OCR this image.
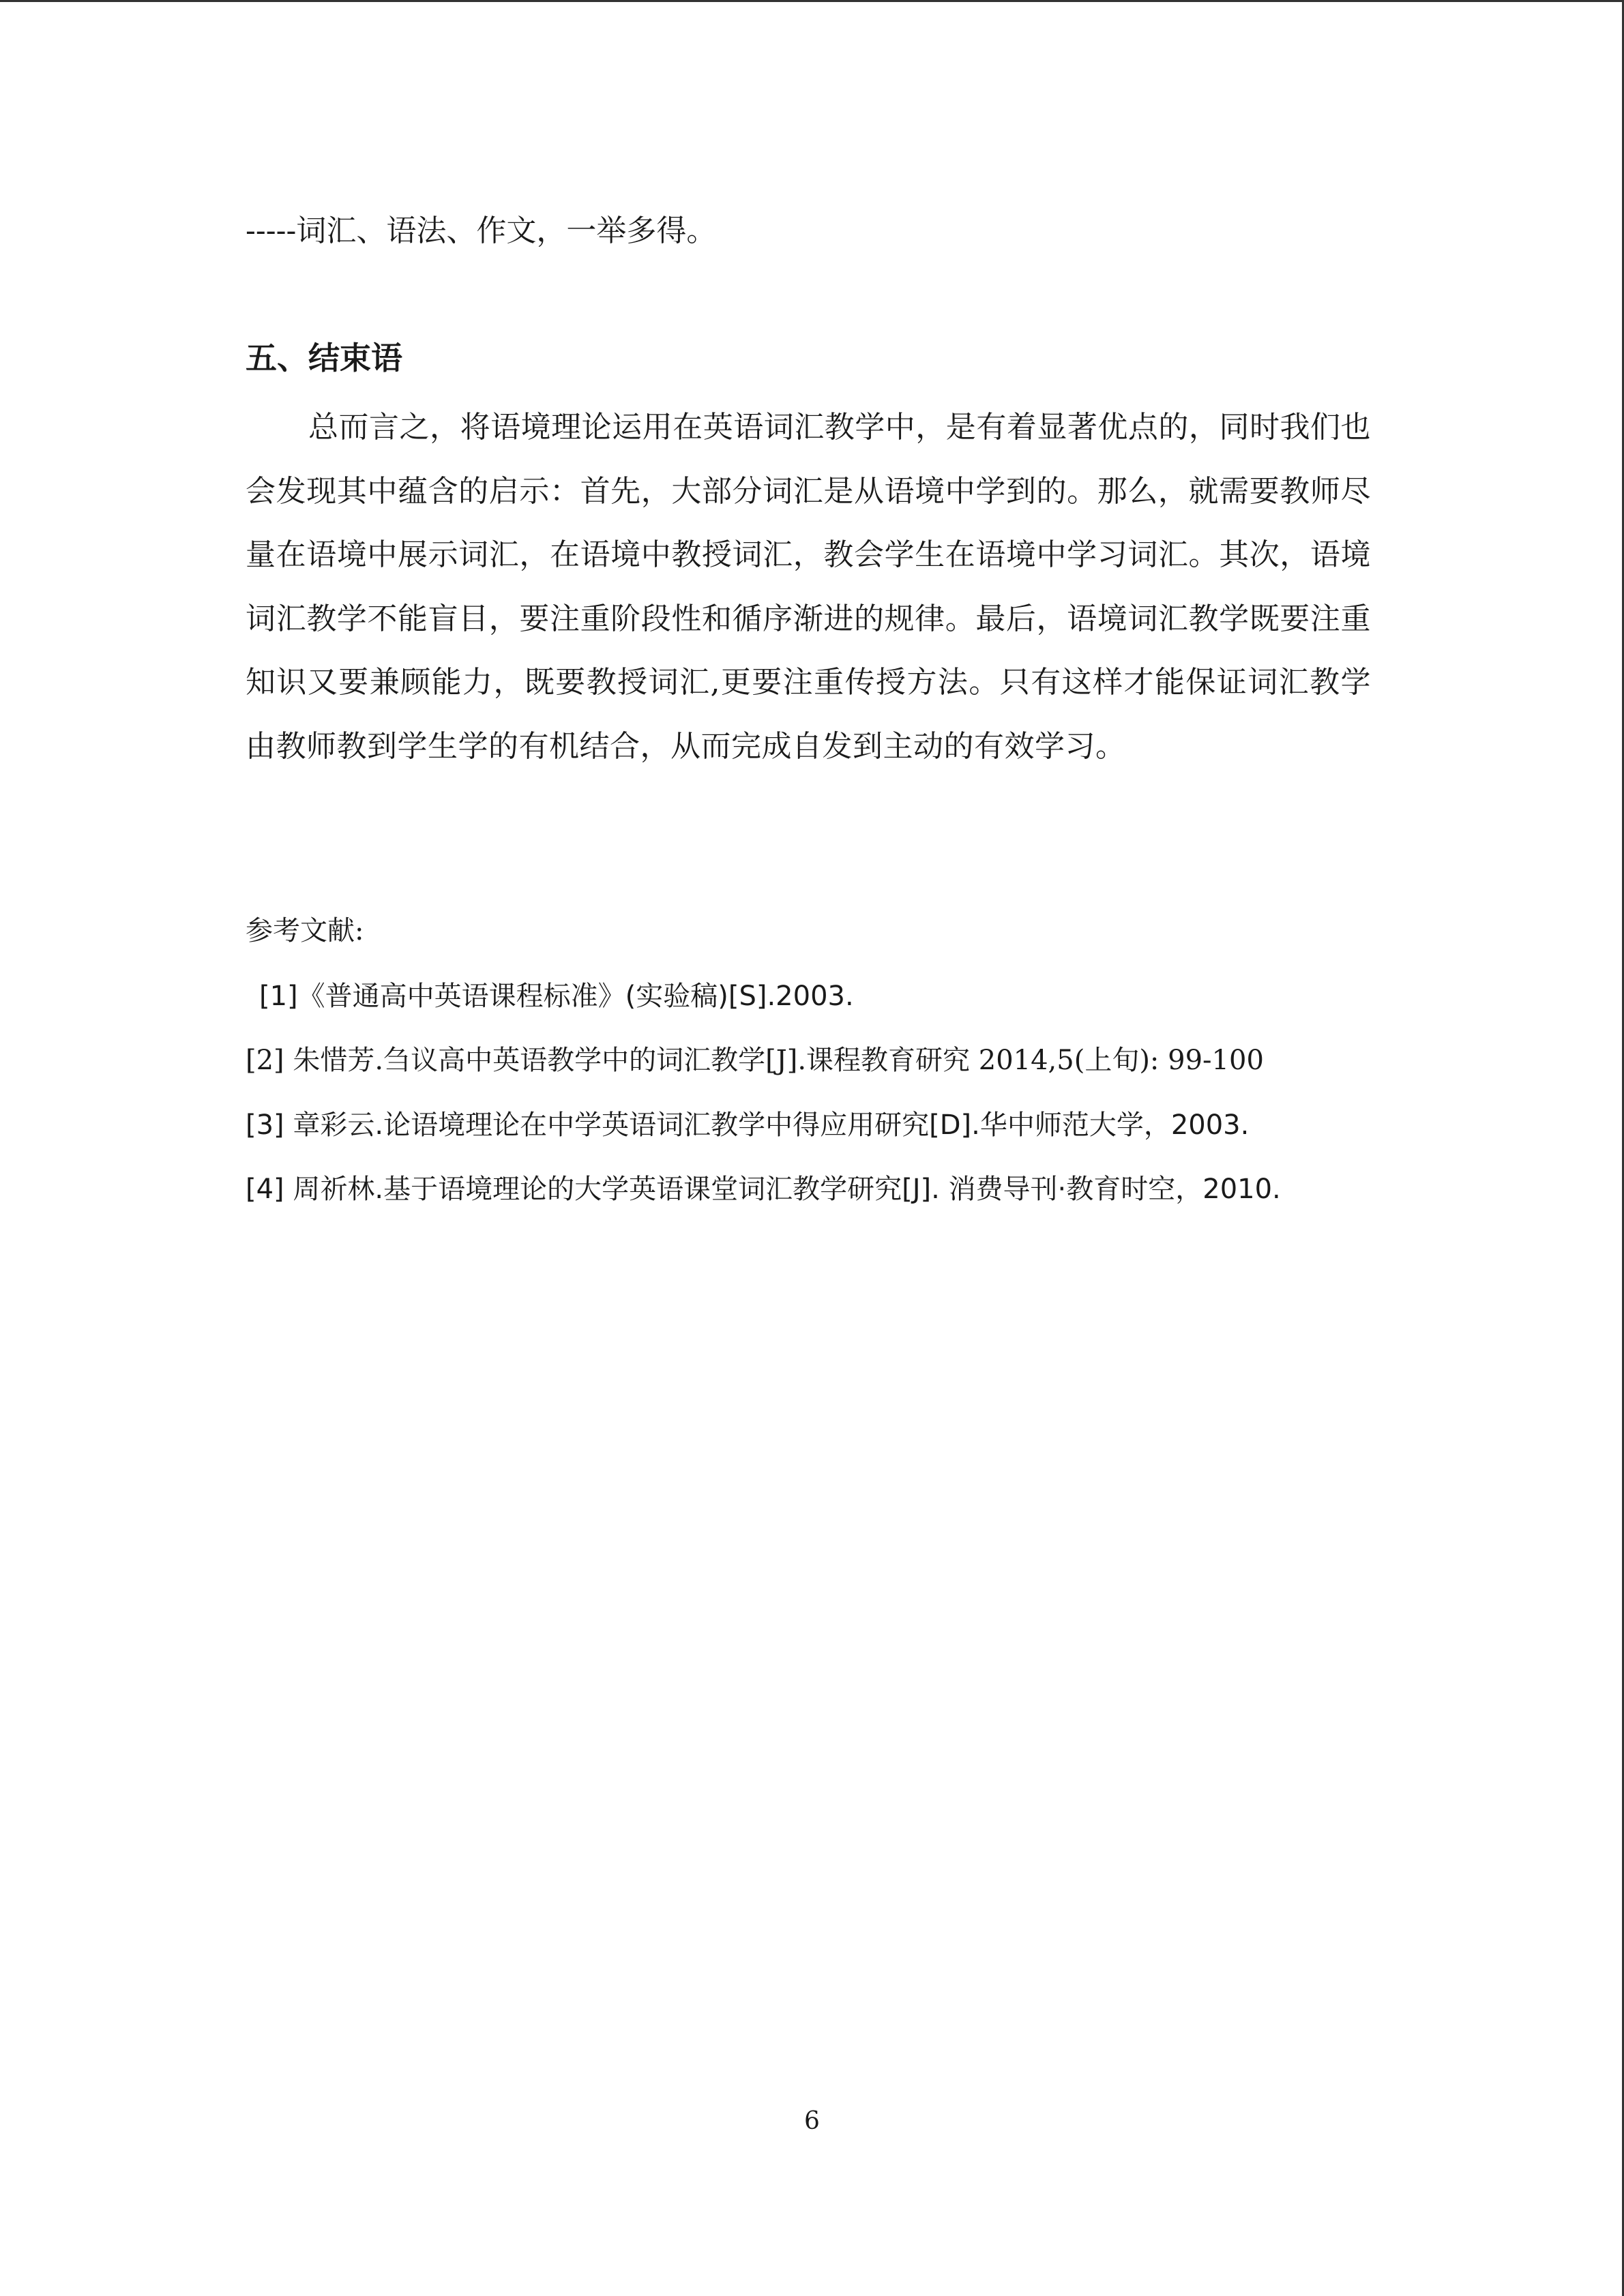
-----词汇、语法、作文，一举多得。
五、结束语
总而言之，将语境理论运用在英语词汇教学中，是有着显著优点的，同时我们也会发现其中蕴含的启示：首先，大部分词汇是从语境中学到的。那么，就需要教师尽量在语境中展示词汇，在语境中教授词汇，教会学生在语境中学习词汇。其次，语境词汇教学不能盲目，要注重阶段性和循序渐进的规律。最后，语境词汇教学既要注重知识又要兼顾能力，既要教授词汇,更要注重传授方法。只有这样才能保证词汇教学由教师教到学生学的有机结合，从而完成自发到主动的有效学习。
参考文献:
[1]《普通高中英语课程标准》(实验稿)[S].2003.
[2] 朱惜芳.刍议高中英语教学中的词汇教学[J].课程教育研究 2014,5(上旬): 99-100
[3] 章彩云.论语境理论在中学英语词汇教学中得应用研究[D].华中师范大学，2003.
[4] 周祈林.基于语境理论的大学英语课堂词汇教学研究[J]. 消费导刊·教育时空，2010.
6
